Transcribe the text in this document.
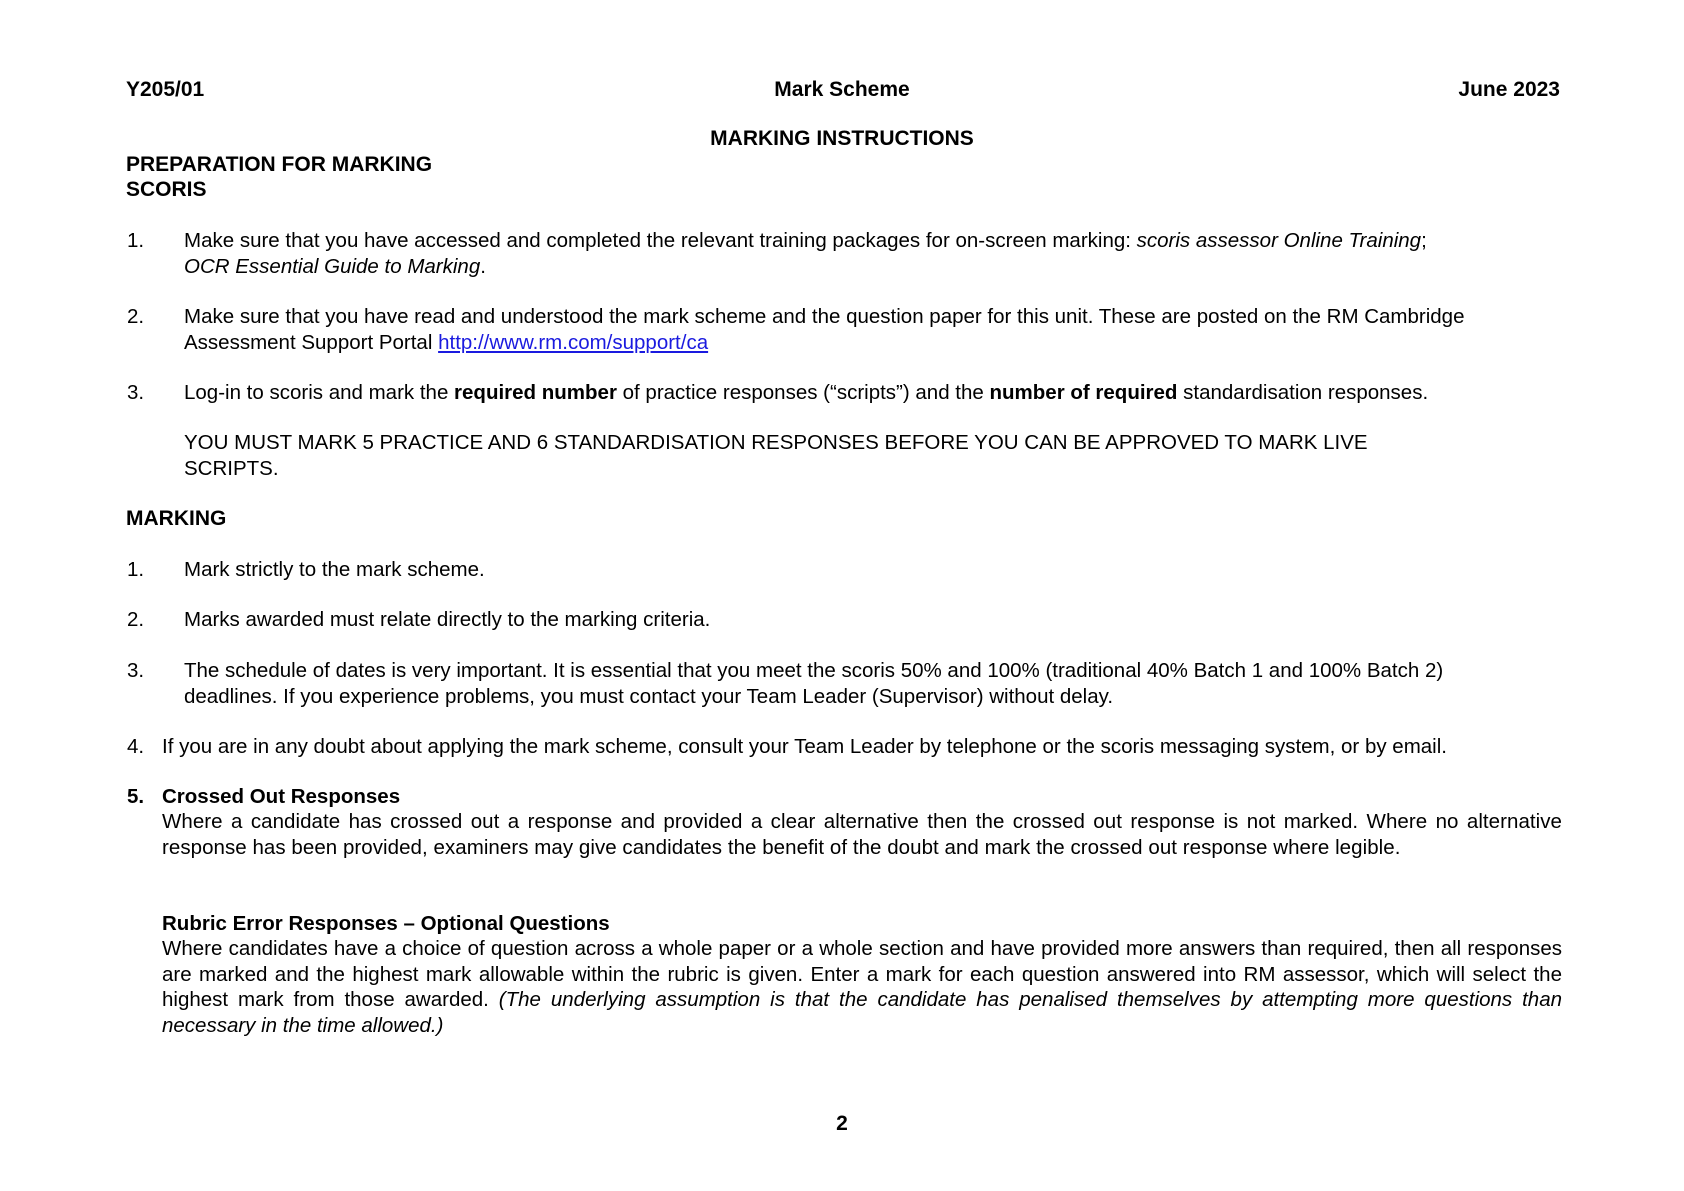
Y205/01	Mark Scheme	June 2023
MARKING INSTRUCTIONS
PREPARATION FOR MARKING
SCORIS
1. Make sure that you have accessed and completed the relevant training packages for on-screen marking: scoris assessor Online Training;
OCR Essential Guide to Marking.
2. Make sure that you have read and understood the mark scheme and the question paper for this unit. These are posted on the RM Cambridge
Assessment Support Portal http://www.rm.com/support/ca
3. Log-in to scoris and mark the required number of practice responses (“scripts”) and the number of required standardisation responses.
YOU MUST MARK 5 PRACTICE AND 6 STANDARDISATION RESPONSES BEFORE YOU CAN BE APPROVED TO MARK LIVE
SCRIPTS.
MARKING
1. Mark strictly to the mark scheme.
2. Marks awarded must relate directly to the marking criteria.
3. The schedule of dates is very important. It is essential that you meet the scoris 50% and 100% (traditional 40% Batch 1 and 100% Batch 2)
deadlines. If you experience problems, you must contact your Team Leader (Supervisor) without delay.
4. If you are in any doubt about applying the mark scheme, consult your Team Leader by telephone or the scoris messaging system, or by email.
5. Crossed Out Responses
Where a candidate has crossed out a response and provided a clear alternative then the crossed out response is not marked. Where no alternative response has been provided, examiners may give candidates the benefit of the doubt and mark the crossed out response where legible.
Rubric Error Responses – Optional Questions
Where candidates have a choice of question across a whole paper or a whole section and have provided more answers than required, then all responses are marked and the highest mark allowable within the rubric is given. Enter a mark for each question answered into RM assessor, which will select the highest mark from those awarded. (The underlying assumption is that the candidate has penalised themselves by attempting more questions than necessary in the time allowed.)
2
